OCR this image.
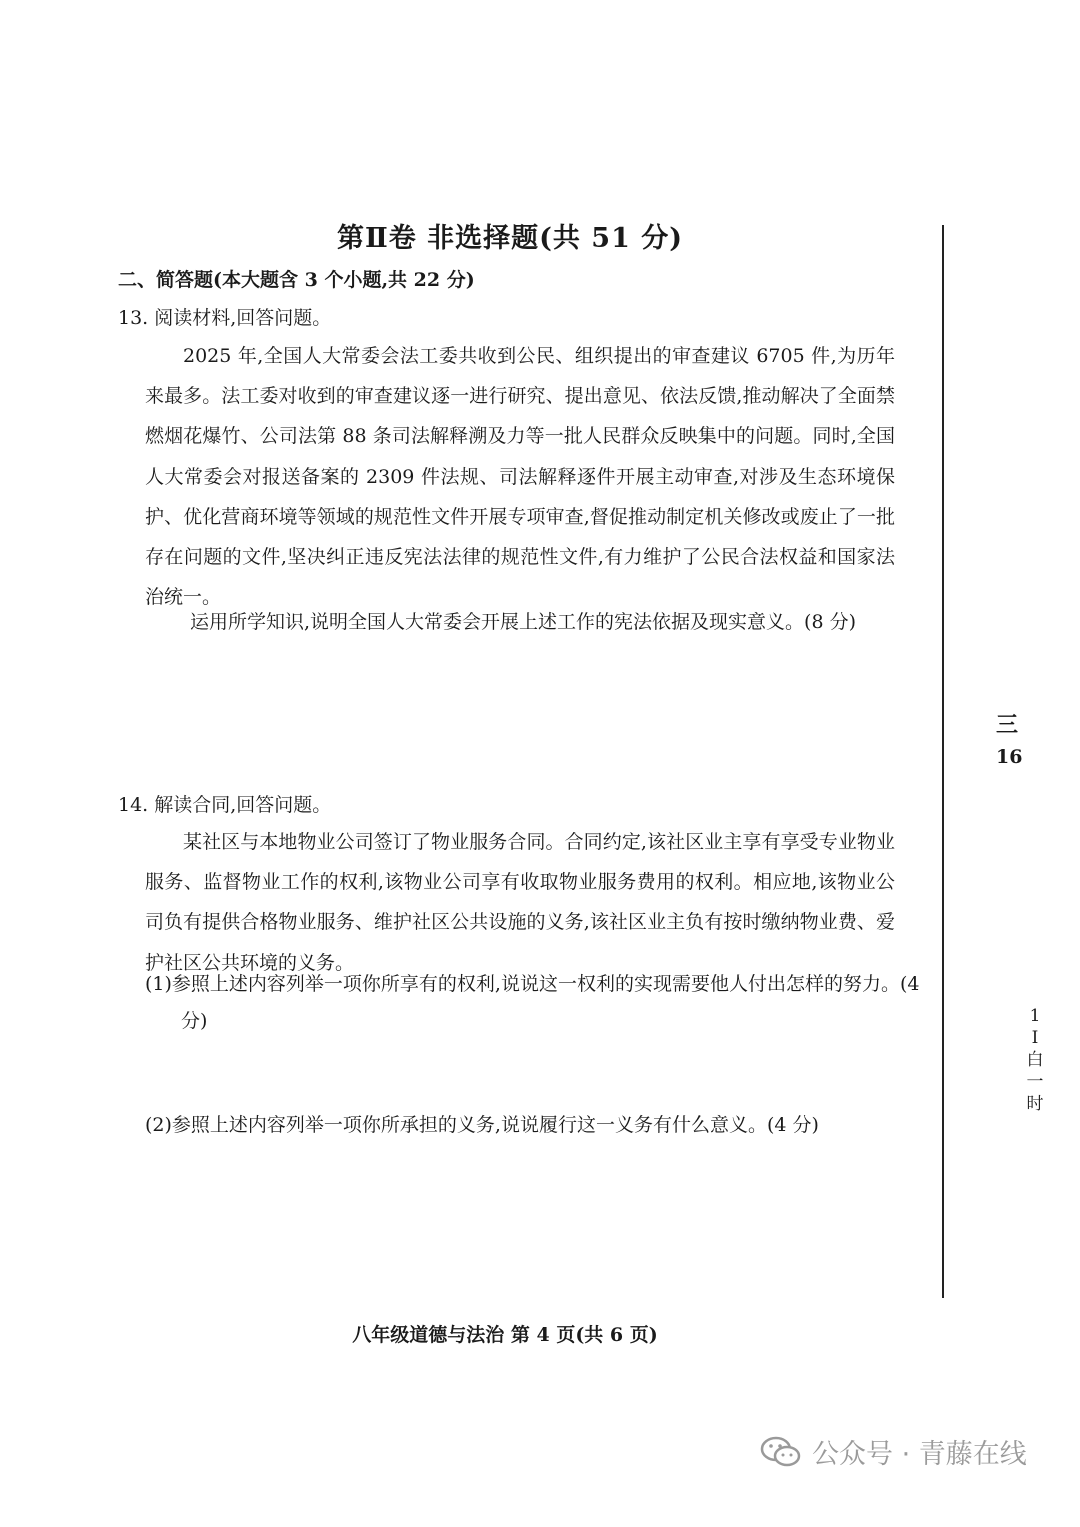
第Ⅱ卷 非选择题(共 51 分)
二、简答题(本大题含 3 个小题,共 22 分)
13. 阅读材料,回答问题。

2025 年,全国人大常委会法工委共收到公民、组织提出的审查建议 6705 件,为历年来最多。法工委对收到的审查建议逐一进行研究、提出意见、依法反馈,推动解决了全面禁燃烟花爆竹、公司法第 88 条司法解释溯及力等一批人民群众反映集中的问题。同时,全国人大常委会对报送备案的 2309 件法规、司法解释逐件开展主动审查,对涉及生态环境保护、优化营商环境等领域的规范性文件开展专项审查,督促推动制定机关修改或废止了一批存在问题的文件,坚决纠正违反宪法法律的规范性文件,有力维护了公民合法权益和国家法治统一。

运用所学知识,说明全国人大常委会开展上述工作的宪法依据及现实意义。(8 分)
14. 解读合同,回答问题。

某社区与本地物业公司签订了物业服务合同。合同约定,该社区业主享有享受专业物业服务、监督物业工作的权利,该物业公司享有收取物业服务费用的权利。相应地,该物业公司负有提供合格物业服务、维护社区公共设施的义务,该社区业主负有按时缴纳物业费、爱护社区公共环境的义务。

(1)参照上述内容列举一项你所享有的权利,说说这一权利的实现需要他人付出怎样的努力。(4 分)
(2)参照上述内容列举一项你所承担的义务,说说履行这一义务有什么意义。(4 分)
三
16
1
I
白
一
时
八年级道德与法治 第 4 页(共 6 页)
公众号 · 青藤在线
